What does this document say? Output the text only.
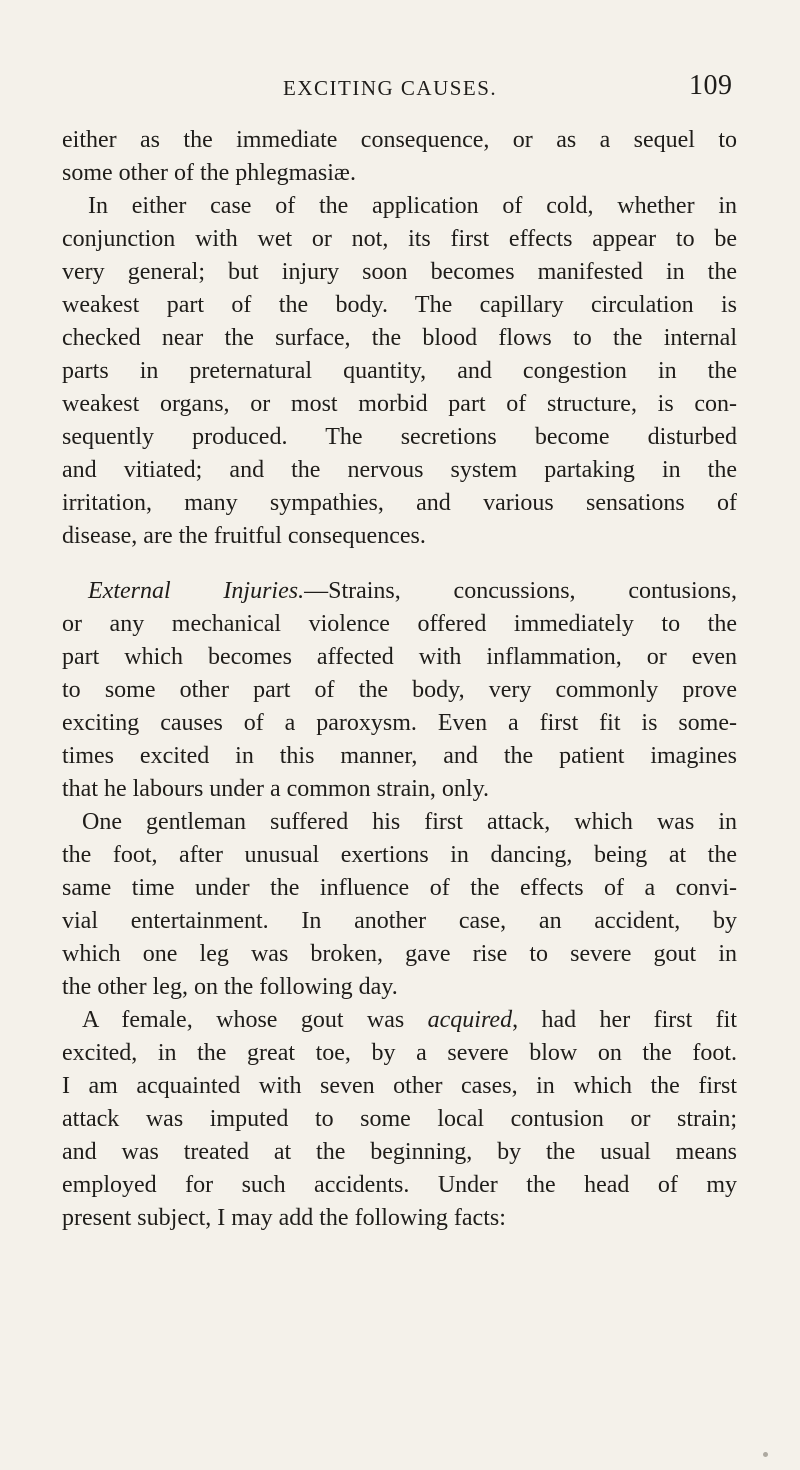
EXCITING CAUSES.	109
either as the immediate consequence, or as a sequel to
some other of the phlegmasiæ.
In either case of the application of cold, whether in
conjunction with wet or not, its first effects appear to be
very general; but injury soon becomes manifested in the
weakest part of the body. The capillary circulation is
checked near the surface, the blood flows to the internal
parts in preternatural quantity, and congestion in the
weakest organs, or most morbid part of structure, is con-
sequently produced. The secretions become disturbed
and vitiated; and the nervous system partaking in the
irritation, many sympathies, and various sensations of
disease, are the fruitful consequences.
External Injuries.—Strains, concussions, contusions,
or any mechanical violence offered immediately to the
part which becomes affected with inflammation, or even
to some other part of the body, very commonly prove
exciting causes of a paroxysm. Even a first fit is some-
times excited in this manner, and the patient imagines
that he labours under a common strain, only.
One gentleman suffered his first attack, which was in
the foot, after unusual exertions in dancing, being at the
same time under the influence of the effects of a convi-
vial entertainment. In another case, an accident, by
which one leg was broken, gave rise to severe gout in
the other leg, on the following day.
A female, whose gout was acquired, had her first fit
excited, in the great toe, by a severe blow on the foot.
I am acquainted with seven other cases, in which the first
attack was imputed to some local contusion or strain;
and was treated at the beginning, by the usual means
employed for such accidents. Under the head of my
present subject, I may add the following facts:
